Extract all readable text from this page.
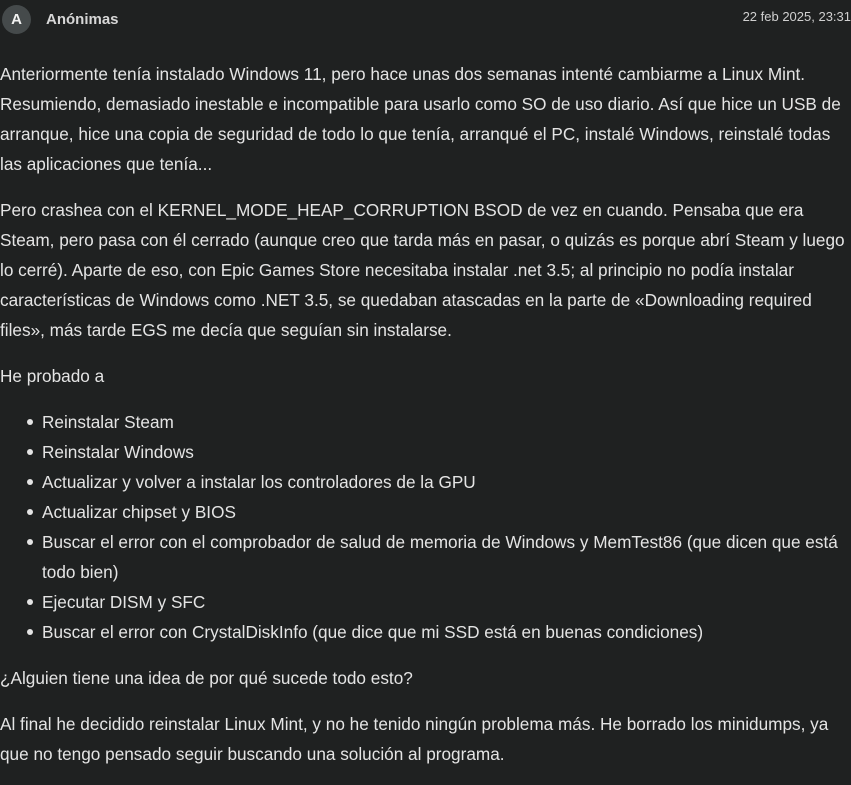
A	Anónimas	22 feb 2025, 23:31

Anteriormente tenía instalado Windows 11, pero hace unas dos semanas intenté cambiarme a Linux Mint. Resumiendo, demasiado inestable e incompatible para usarlo como SO de uso diario. Así que hice un USB de arranque, hice una copia de seguridad de todo lo que tenía, arranqué el PC, instalé Windows, reinstalé todas las aplicaciones que tenía...

Pero crashea con el KERNEL_MODE_HEAP_CORRUPTION BSOD de vez en cuando. Pensaba que era Steam, pero pasa con él cerrado (aunque creo que tarda más en pasar, o quizás es porque abrí Steam y luego lo cerré). Aparte de eso, con Epic Games Store necesitaba instalar .net 3.5; al principio no podía instalar características de Windows como .NET 3.5, se quedaban atascadas en la parte de «Downloading required files», más tarde EGS me decía que seguían sin instalarse.

He probado a

Reinstalar Steam
Reinstalar Windows
Actualizar y volver a instalar los controladores de la GPU
Actualizar chipset y BIOS
Buscar el error con el comprobador de salud de memoria de Windows y MemTest86 (que dicen que está todo bien)
Ejecutar DISM y SFC
Buscar el error con CrystalDiskInfo (que dice que mi SSD está en buenas condiciones)

¿Alguien tiene una idea de por qué sucede todo esto?

Al final he decidido reinstalar Linux Mint, y no he tenido ningún problema más. He borrado los minidumps, ya que no tengo pensado seguir buscando una solución al programa.
